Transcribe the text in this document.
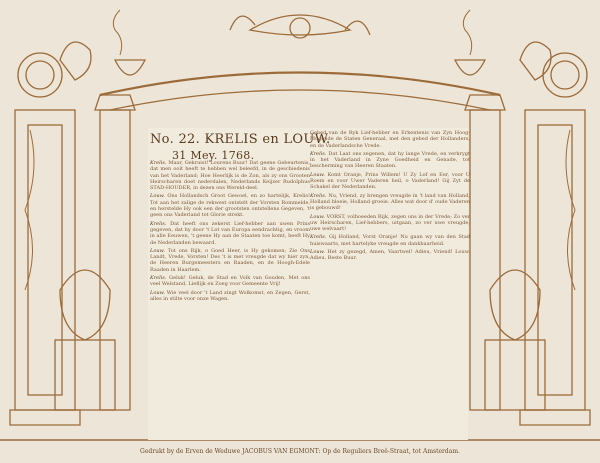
No. 22. KRELIS en LOUW.
31 Mey. 1768.

Krelis. Maar, Gekruist! Lourens Buur! Dat geene Gebeurtenis, dat men ooit heeft te hebben wel beleefd, in de geschiedenis van het Vaderland; Hoe Heerlijk is de Zon, als zy ons Grooten Heirscharen doet nederdalen, Nederlands Keijzer Rudolphus STAD-HOUDER, in dezen ons Wereld-deel.

Louw. Ons Hollandsch Groot Gewoel, en zo hartelijk, Krelis! Tot aan het zalige de rekwest ontstelt der Vorsten Rommelde, en herstelde Hy ook een der grootsten ontstellens Gegeven, 't geen ons Vaderland tot Glorie strekt.

Krelis. Dat heeft ons zekerst Lief-hebber aan uwen Prins gegeven, dat hy door 't Lot van Europa eendrachtig, en vroom in alle Eeuwen, 't geene Hy aan de Staaten toe komt, heeft Hy de Nederlanden bewaard.

Louw. Tot ons Rijk, o Goed Heer, is Hy gekomen; Zie Ons Landt, Vrede, Vorsten! Des 't is met vreugde dat wy hier zyn, de Heeren Burgemeesters en Raaden, en de Hoogh-Edele Raaden in Haarlem.

Krelis. Geluk! Geluk, de Stad en Volk van Gouden, Met ons veel Welstand, Lieflijk en Zoeg voor Gemeente Vrij!

Louw. Wie veel door 't Land zingt Wolkomst, en Zegen, Gerst, alles in stilte voor onze Wagen.

Gebed van de Ryk Lief-hebber en Erkentenis van Zyn Hoog-Mogende de Staten Generaal, met den gebed der Hollanders, en de Vaderlandsche Vrede.

Krelis. Dat Laat ons zegenen, dat hy lange Vrede, en verkrygt in het Vaderland in Zyne Goedheid en Genade, tot bescherming van Heeren Staaten.

Louw. Komt Oranje, Prins Willem! U Zy Lof en Eer, voor U Roem en voor Uwer Vaderen heil, o Vaderland! Gij Zyt de Schakel der Nederlanden.

Krelis. Nu, Vriend, zy brengen vreugde in 't land van Holland, Holland bloeie, Holland groeie. Alles wat door d' oude Vaderen is gebouwd!

Louw. VORST, volhoeeden Rijk, zegen ons in der Vrede; Zo ver uw Heirscharen, Lief-hebbers, uitgaan, zo ver uwe vreugde, uwe welvaart!

Krelis. Gij Holland, Vorst Oranje! Nu gaan wy van den Stad huiswaarts, met hartelyke vreugde en dankbaarheid.

Louw. Het zy gezegd, Amen, Vaartwel! Adieu, Vriend! Louw. Adieu, Beste Buur.

Gedrukt by de Erven de Weduwe JACOBUS VAN EGMONT: Op de Reguliers Breê-Straat, tot Amsterdam.
